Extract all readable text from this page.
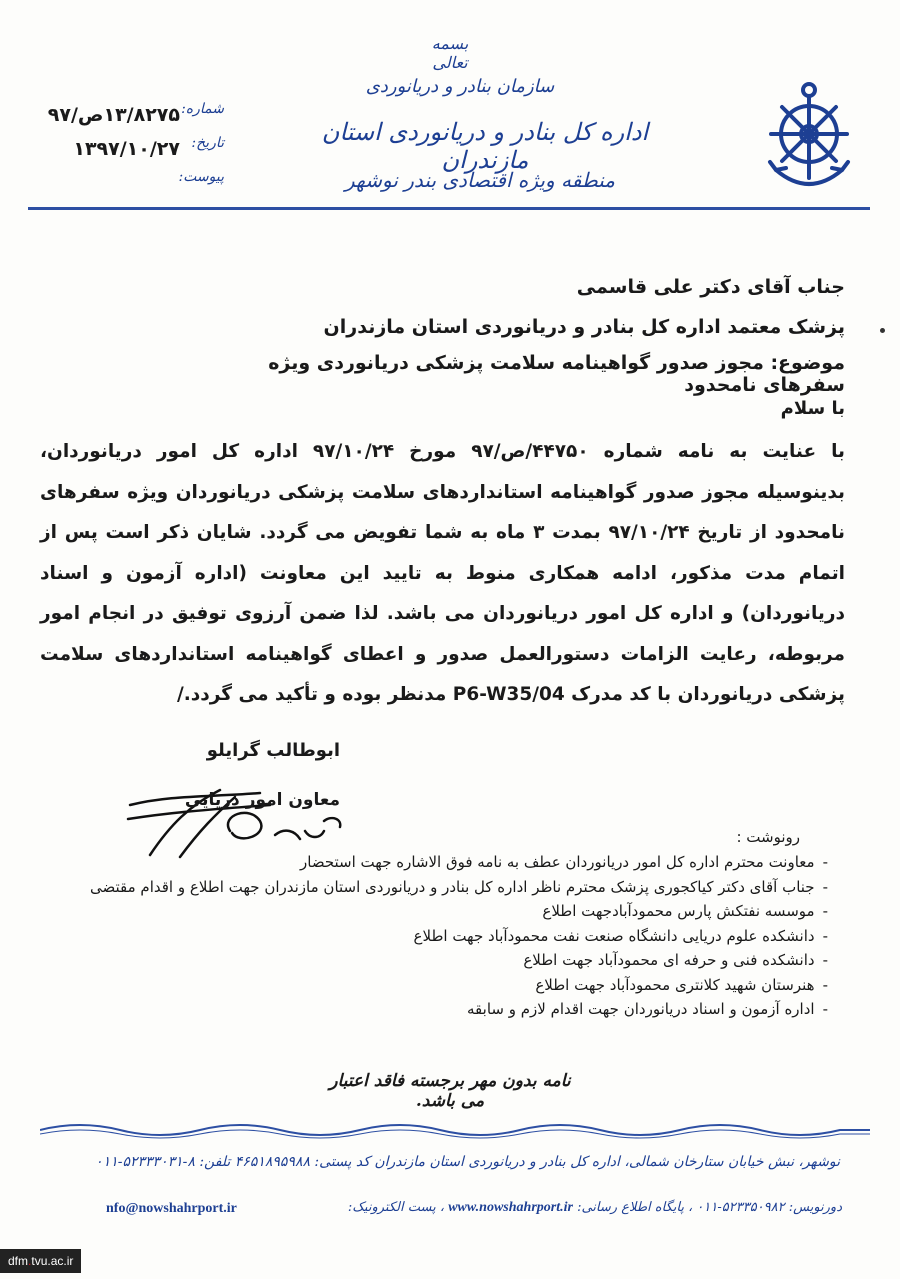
بسمه تعالی
سازمان بنادر و دریانوردی
اداره کل بنادر و دریانوردی استان مازندران
منطقه ویژه اقتصادی بندر نوشهر
شماره:
تاریخ:
پیوست:
۱۳/۸۲۷۵ص/۹۷
۱۳۹۷/۱۰/۲۷
جناب آقای دکتر علی قاسمی
پزشک معتمد اداره کل بنادر و دریانوردی استان مازندران
موضوع: مجوز صدور گواهینامه سلامت پزشکی دریانوردی ویژه سفرهای نامحدود
با سلام
با عنایت به نامه شماره ۴۴۷۵۰/ص/۹۷ مورخ ۹۷/۱۰/۲۴ اداره کل امور دریانوردان، بدینوسیله مجوز صدور گواهینامه استانداردهای سلامت پزشکی دریانوردان ویژه سفرهای نامحدود از تاریخ ۹۷/۱۰/۲۴ بمدت ۳ ماه به شما تفویض می گردد. شایان ذکر است پس از اتمام مدت مذکور، ادامه همکاری منوط به تایید این معاونت (اداره آزمون و اسناد دریانوردان) و اداره کل امور دریانوردان می باشد. لذا ضمن آرزوی توفیق در انجام امور مربوطه، رعایت الزامات دستورالعمل صدور و اعطای گواهینامه استانداردهای سلامت پزشکی دریانوردان با کد مدرک P6-W35/04 مدنظر بوده و تأکید می گردد./
ابوطالب گرایلو
معاون امور دریایی
رونوشت :
-معاونت محترم اداره کل امور دریانوردان عطف به نامه فوق الاشاره جهت استحضار
-جناب آقای دکتر کیاکجوری پزشک محترم ناظر اداره کل بنادر و دریانوردی استان مازندران جهت اطلاع و اقدام مقتضی
-موسسه نفتکش پارس محمودآبادجهت اطلاع
-دانشکده علوم دریایی دانشگاه صنعت نفت محمودآباد جهت اطلاع
-دانشکده فنی و حرفه ای محمودآباد جهت اطلاع
-هنرستان شهید کلانتری محمودآباد جهت اطلاع
-اداره آزمون و اسناد دریانوردان جهت اقدام لازم و سابقه
نامه بدون مهر برجسته فاقد اعتبار می باشد.
نوشهر، نبش خیابان ستارخان شمالی، اداره کل بنادر و دریانوردی استان مازندران کد پستی: ۴۶۵۱۸۹۵۹۸۸ تلفن: ۸-۵۲۳۳۳۰۳۱-۰۱۱
دورنویس: ۵۲۳۳۵۰۹۸۲-۰۱۱ ، پایگاه اطلاع رسانی: www.nowshahrport.ir ، پست الکترونیک:
nfo@nowshahrport.ir
dfm.tvu.ac.ir
